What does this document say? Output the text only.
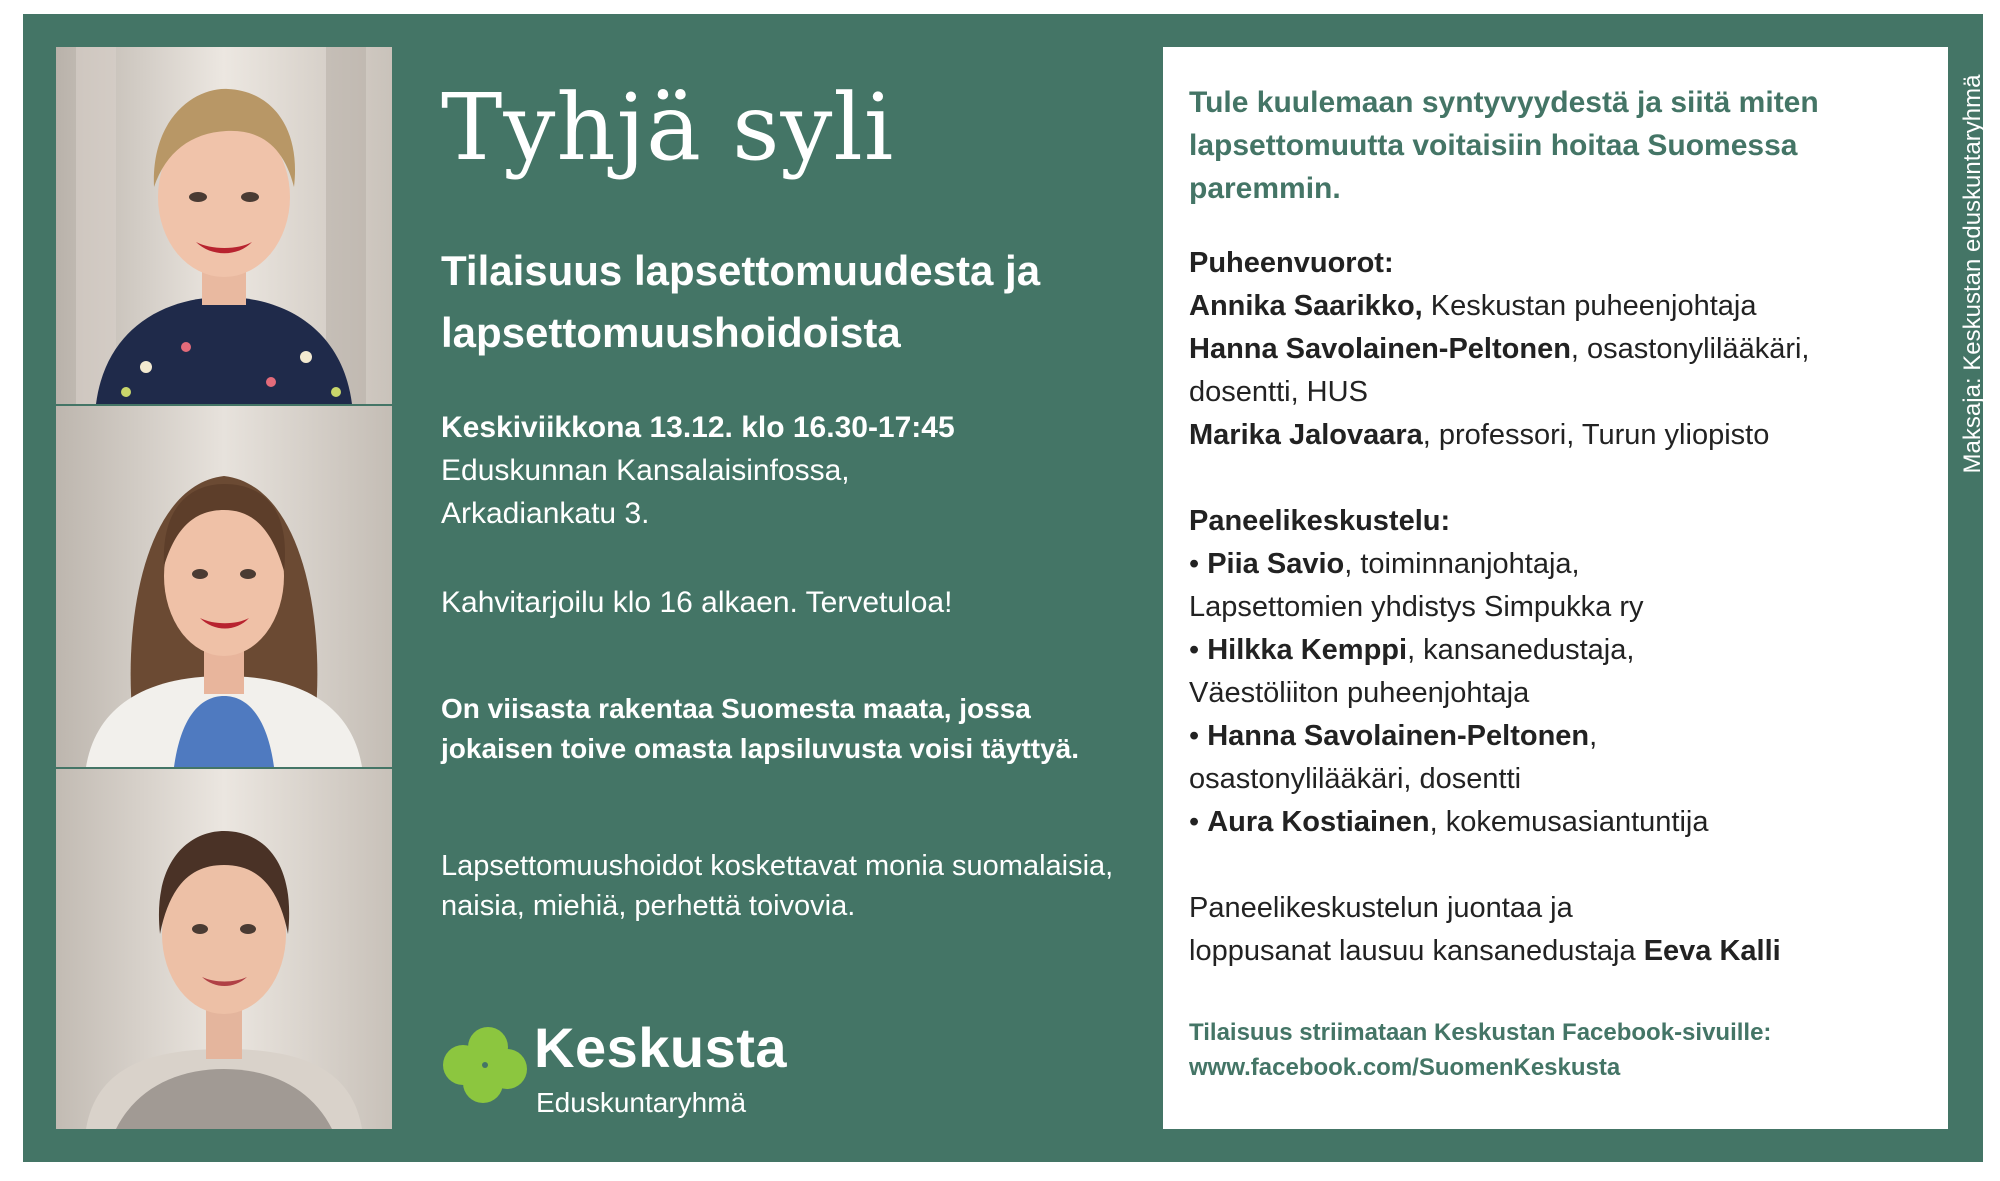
Tyhjä syli
Tilaisuus lapsettomuudesta ja lapsettomuushoidoista
Keskiviikkona 13.12. klo 16.30-17:45
Eduskunnan Kansalaisinfossa,
Arkadiankatu 3.
Kahvitarjoilu klo 16 alkaen. Tervetuloa!
On viisasta rakentaa Suomesta maata, jossa jokaisen toive omasta lapsiluvusta voisi täyttyä.
Lapsettomuushoidot koskettavat monia suomalaisia, naisia, miehiä, perhettä toivovia.
Keskusta
Eduskuntaryhmä

Tule kuulemaan syntyvyydestä ja siitä miten lapsettomuutta voitaisiin hoitaa Suomessa paremmin.

Puheenvuorot:

Annika Saarikko, Keskustan puheenjohtaja

Hanna Savolainen-Peltonen, osastonylilääkäri,

dosentti, HUS

Marika Jalovaara, professori, Turun yliopisto

Paneelikeskustelu:

• Piia Savio, toiminnanjohtaja,

Lapsettomien yhdistys Simpukka ry

• Hilkka Kemppi, kansanedustaja,

Väestöliiton puheenjohtaja

• Hanna Savolainen-Peltonen,

osastonylilääkäri, dosentti

• Aura Kostiainen, kokemusasiantuntija

Paneelikeskustelun juontaa ja

loppusanat lausuu kansanedustaja Eeva Kalli

Tilaisuus striimataan Keskustan Facebook-sivuille:

www.facebook.com/SuomenKeskusta

Maksaja: Keskustan eduskuntaryhmä
